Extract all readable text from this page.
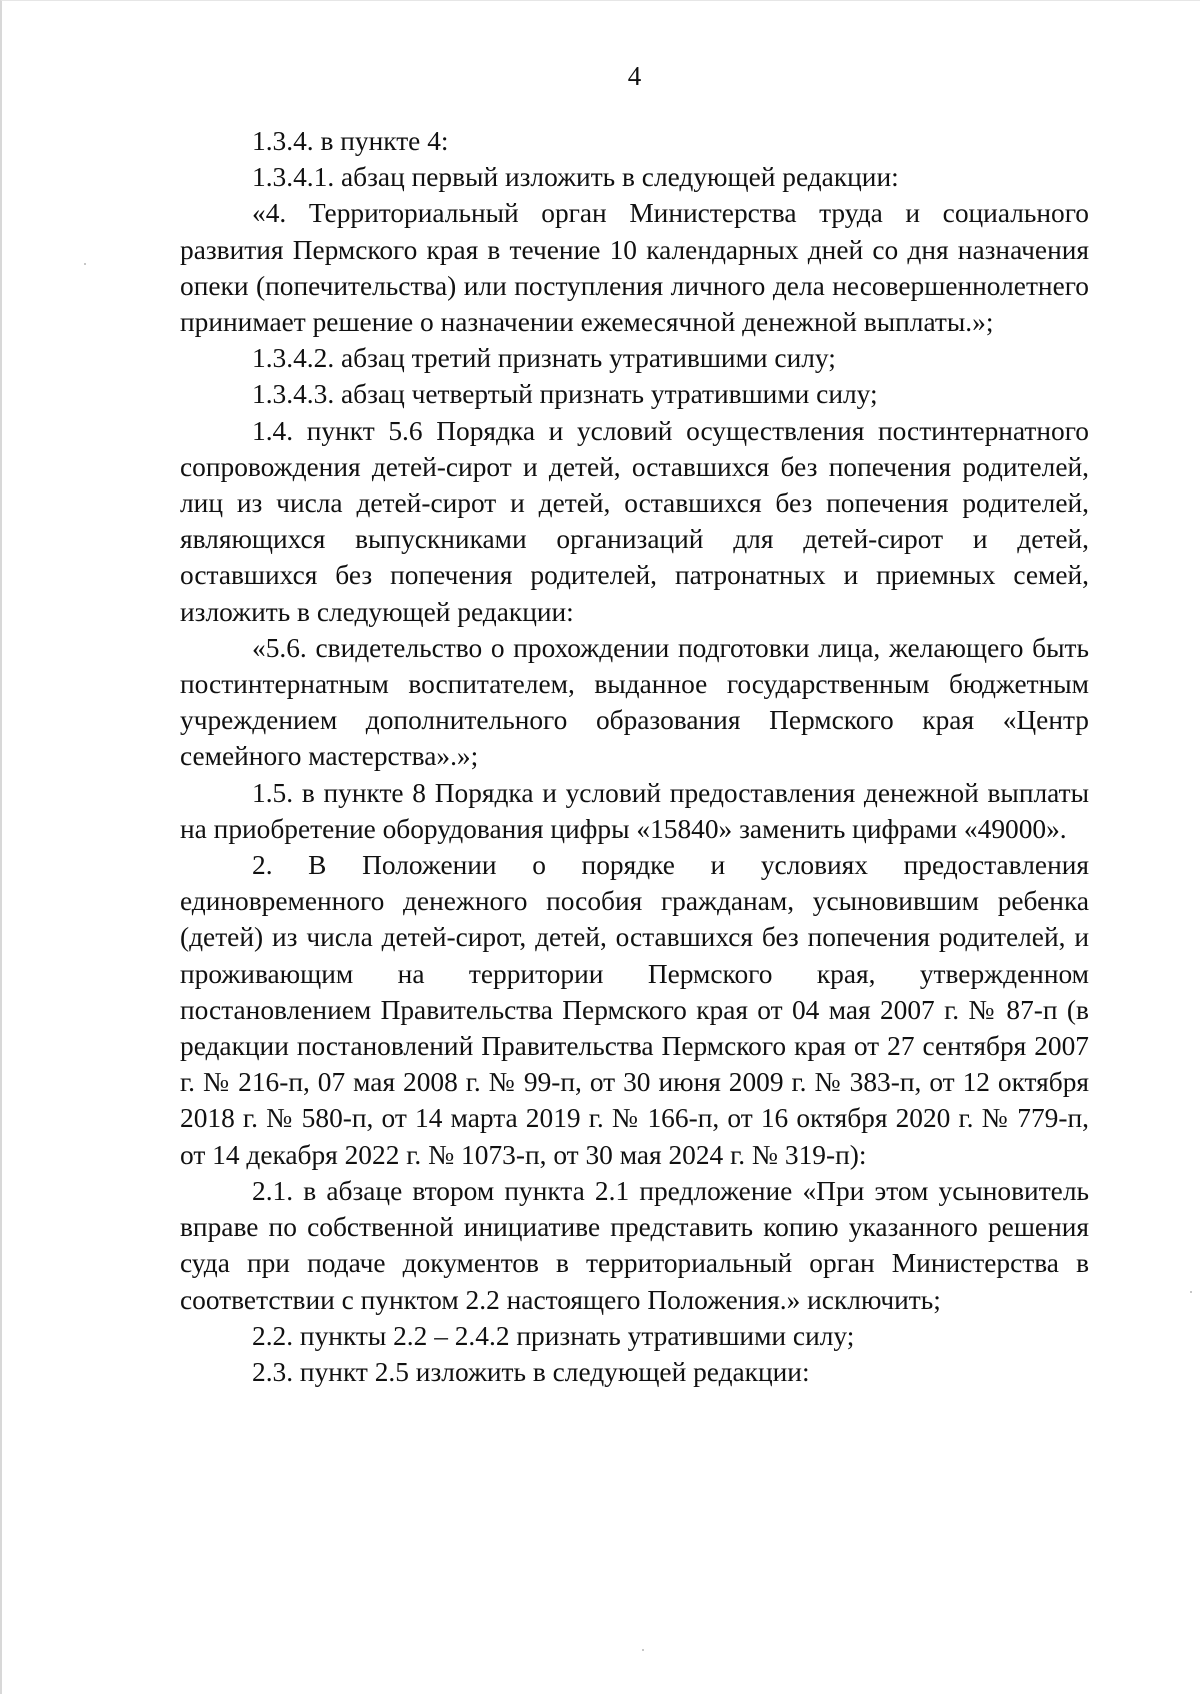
4

1.3.4. в пункте 4:

1.3.4.1. абзац первый изложить в следующей редакции:

«4. Территориальный орган Министерства труда и социального развития Пермского края в течение 10 календарных дней со дня назначения опеки (попечительства) или поступления личного дела несовершеннолетнего принимает решение о назначении ежемесячной денежной выплаты.»;

1.3.4.2. абзац третий признать утратившими силу;

1.3.4.3. абзац четвертый признать утратившими силу;

1.4. пункт 5.6 Порядка и условий осуществления постинтернатного сопровождения детей-сирот и детей, оставшихся без попечения родителей, лиц из числа детей-сирот и детей, оставшихся без попечения родителей, являющихся выпускниками организаций для детей-сирот и детей, оставшихся без попечения родителей, патронатных и приемных семей, изложить в следующей редакции:

«5.6. свидетельство о прохождении подготовки лица, желающего быть постинтернатным воспитателем, выданное государственным бюджетным учреждением дополнительного образования Пермского края «Центр семейного мастерства».»;

1.5. в пункте 8 Порядка и условий предоставления денежной выплаты на приобретение оборудования цифры «15840» заменить цифрами «49000».

2. В Положении о порядке и условиях предоставления единовременного денежного пособия гражданам, усыновившим ребенка (детей) из числа детей-сирот, детей, оставшихся без попечения родителей, и проживающим на территории Пермского края, утвержденном постановлением Правительства Пермского края от 04 мая 2007 г. № 87-п (в редакции постановлений Правительства Пермского края от 27 сентября 2007 г. № 216-п, 07 мая 2008 г. № 99-п, от 30 июня 2009 г. № 383-п, от 12 октября 2018 г. № 580-п, от 14 марта 2019 г. № 166-п, от 16 октября 2020 г. № 779-п, от 14 декабря 2022 г. № 1073-п, от 30 мая 2024 г. № 319-п):

2.1. в абзаце втором пункта 2.1 предложение «При этом усыновитель вправе по собственной инициативе представить копию указанного решения суда при подаче документов в территориальный орган Министерства в соответствии с пунктом 2.2 настоящего Положения.» исключить;

2.2. пункты 2.2 – 2.4.2 признать утратившими силу;

2.3. пункт 2.5 изложить в следующей редакции:
